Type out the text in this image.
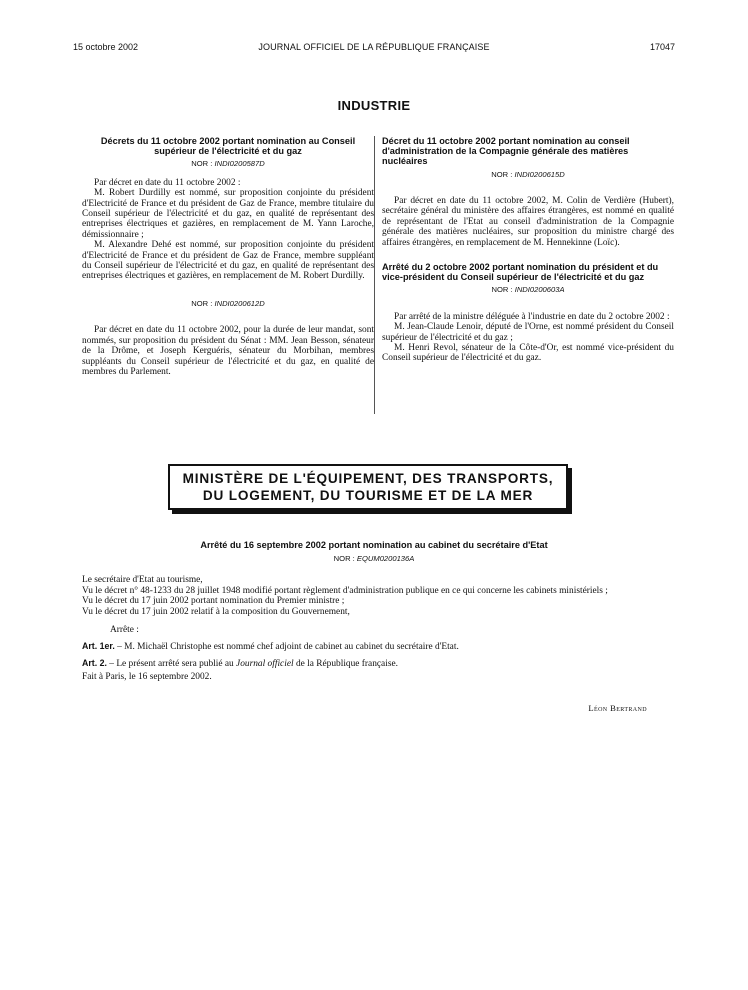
15 octobre 2002	JOURNAL OFFICIEL DE LA RÉPUBLIQUE FRANÇAISE	17047
INDUSTRIE
Décrets du 11 octobre 2002 portant nomination au Conseil supérieur de l'électricité et du gaz
NOR : INDI0200587D

Par décret en date du 11 octobre 2002 :

M. Robert Durdilly est nommé, sur proposition conjointe du président d'Electricité de France et du président de Gaz de France, membre titulaire du Conseil supérieur de l'électricité et du gaz, en qualité de représentant des entreprises électriques et gazières, en remplacement de M. Yann Laroche, démissionnaire ;

M. Alexandre Dehé est nommé, sur proposition conjointe du président d'Electricité de France et du président de Gaz de France, membre suppléant du Conseil supérieur de l'électricité et du gaz, en qualité de représentant des entreprises électriques et gazières, en remplacement de M. Robert Durdilly.

NOR : INDI0200612D

Par décret en date du 11 octobre 2002, pour la durée de leur mandat, sont nommés, sur proposition du président du Sénat : MM. Jean Besson, sénateur de la Drôme, et Joseph Kerguéris, sénateur du Morbihan, membres suppléants du Conseil supérieur de l'électricité et du gaz, en qualité de membres du Parlement.

Décret du 11 octobre 2002 portant nomination au conseil d'administration de la Compagnie générale des matières nucléaires
NOR : INDI0200615D

Par décret en date du 11 octobre 2002, M. Colin de Verdière (Hubert), secrétaire général du ministère des affaires étrangères, est nommé en qualité de représentant de l'Etat au conseil d'administration de la Compagnie générale des matières nucléaires, sur proposition du ministre chargé des affaires étrangères, en remplacement de M. Hennekinne (Loïc).

Arrêté du 2 octobre 2002 portant nomination du président et du vice-président du Conseil supérieur de l'électricité et du gaz
NOR : INDI0200603A

Par arrêté de la ministre déléguée à l'industrie en date du 2 octobre 2002 :

M. Jean-Claude Lenoir, député de l'Orne, est nommé président du Conseil supérieur de l'électricité et du gaz ;

M. Henri Revol, sénateur de la Côte-d'Or, est nommé vice-président du Conseil supérieur de l'électricité et du gaz.

MINISTÈRE DE L'ÉQUIPEMENT, DES TRANSPORTS,
DU LOGEMENT, DU TOURISME ET DE LA MER
Arrêté du 16 septembre 2002 portant nomination au cabinet du secrétaire d'Etat
NOR : EQUM0200136A

Le secrétaire d'Etat au tourisme,

Vu le décret n° 48-1233 du 28 juillet 1948 modifié portant règlement d'administration publique en ce qui concerne les cabinets ministériels ;

Vu le décret du 17 juin 2002 portant nomination du Premier ministre ;

Vu le décret du 17 juin 2002 relatif à la composition du Gouvernement,

Arrête :

Art. 1er. – M. Michaël Christophe est nommé chef adjoint de cabinet au cabinet du secrétaire d'Etat.

Art. 2. – Le présent arrêté sera publié au Journal officiel de la République française.

Fait à Paris, le 16 septembre 2002.

Léon Bertrand
